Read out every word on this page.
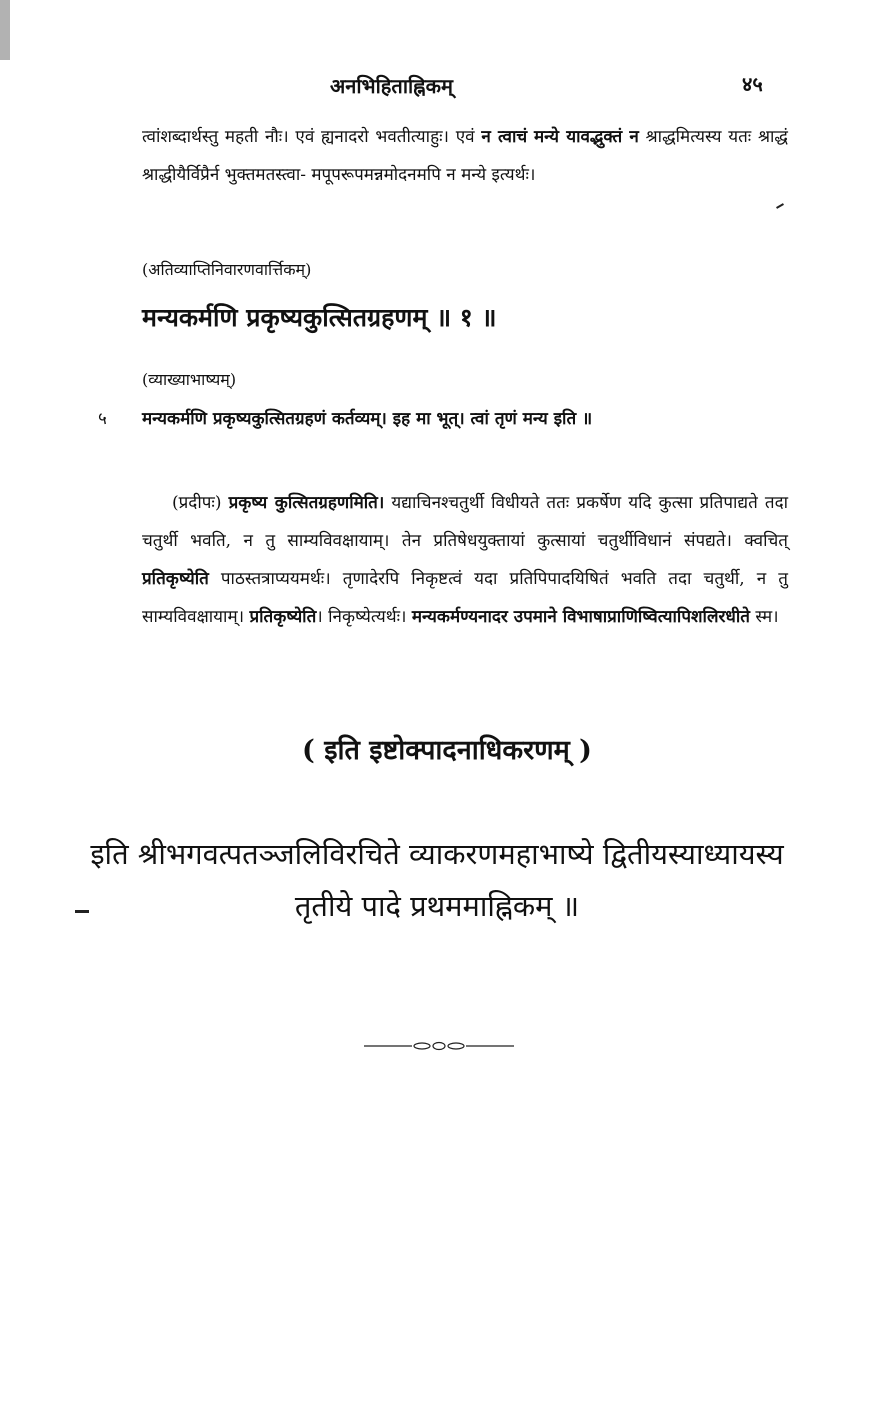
अनभिहिताह्निकम्	४५
त्वांशब्दार्थस्तु महती नौः। एवं ह्यनादरो भवतीत्याहुः। एवं न त्वाचं मन्ये यावद्भुक्तं न श्राद्धमित्यस्य यतः श्राद्धं श्राद्धीयैर्विप्रैर्न भुक्तमतस्त्वा- मपूपरूपमन्नमोदनमपि न मन्ये इत्यर्थः।
(अतिव्याप्तिनिवारणवार्त्तिकम्)
मन्यकर्मणि प्रकृष्यकुत्सितग्रहणम् ॥ १ ॥
(व्याख्याभाष्यम्)
५ मन्यकर्मणि प्रकृष्यकुत्सितग्रहणं कर्तव्यम्। इह मा भूत्। त्वां तृणं मन्य इति ॥
(प्रदीपः) प्रकृष्य कुत्सितग्रहणमिति। यद्याचिनश्चतुर्थी विधीयते ततः प्रकर्षेण यदि कुत्सा प्रतिपाद्यते तदा चतुर्थी भवति, न तु साम्यविवक्षायाम्। तेन प्रतिषेधयुक्तायां कुत्सायां चतुर्थीविधानं संपद्यते। क्वचित् प्रतिकृष्येति पाठस्तत्राप्ययमर्थः। तृणादेरपि निकृष्टत्वं यदा प्रतिपिपादयिषितं भवति तदा चतुर्थी, न तु साम्यविवक्षायाम्। प्रतिकृष्येति। निकृष्येत्यर्थः। मन्यकर्मण्यनादर उपमाने विभाषाप्राणिष्वित्यापिशलिरधीते स्म।
( इति इष्टोक्पादनाधिकरणम् )
इति श्रीभगवत्पतञ्जलिविरचिते व्याकरणमहाभाष्ये द्वितीयस्याध्यायस्य
तृतीये पादे प्रथममाह्निकम् ॥
